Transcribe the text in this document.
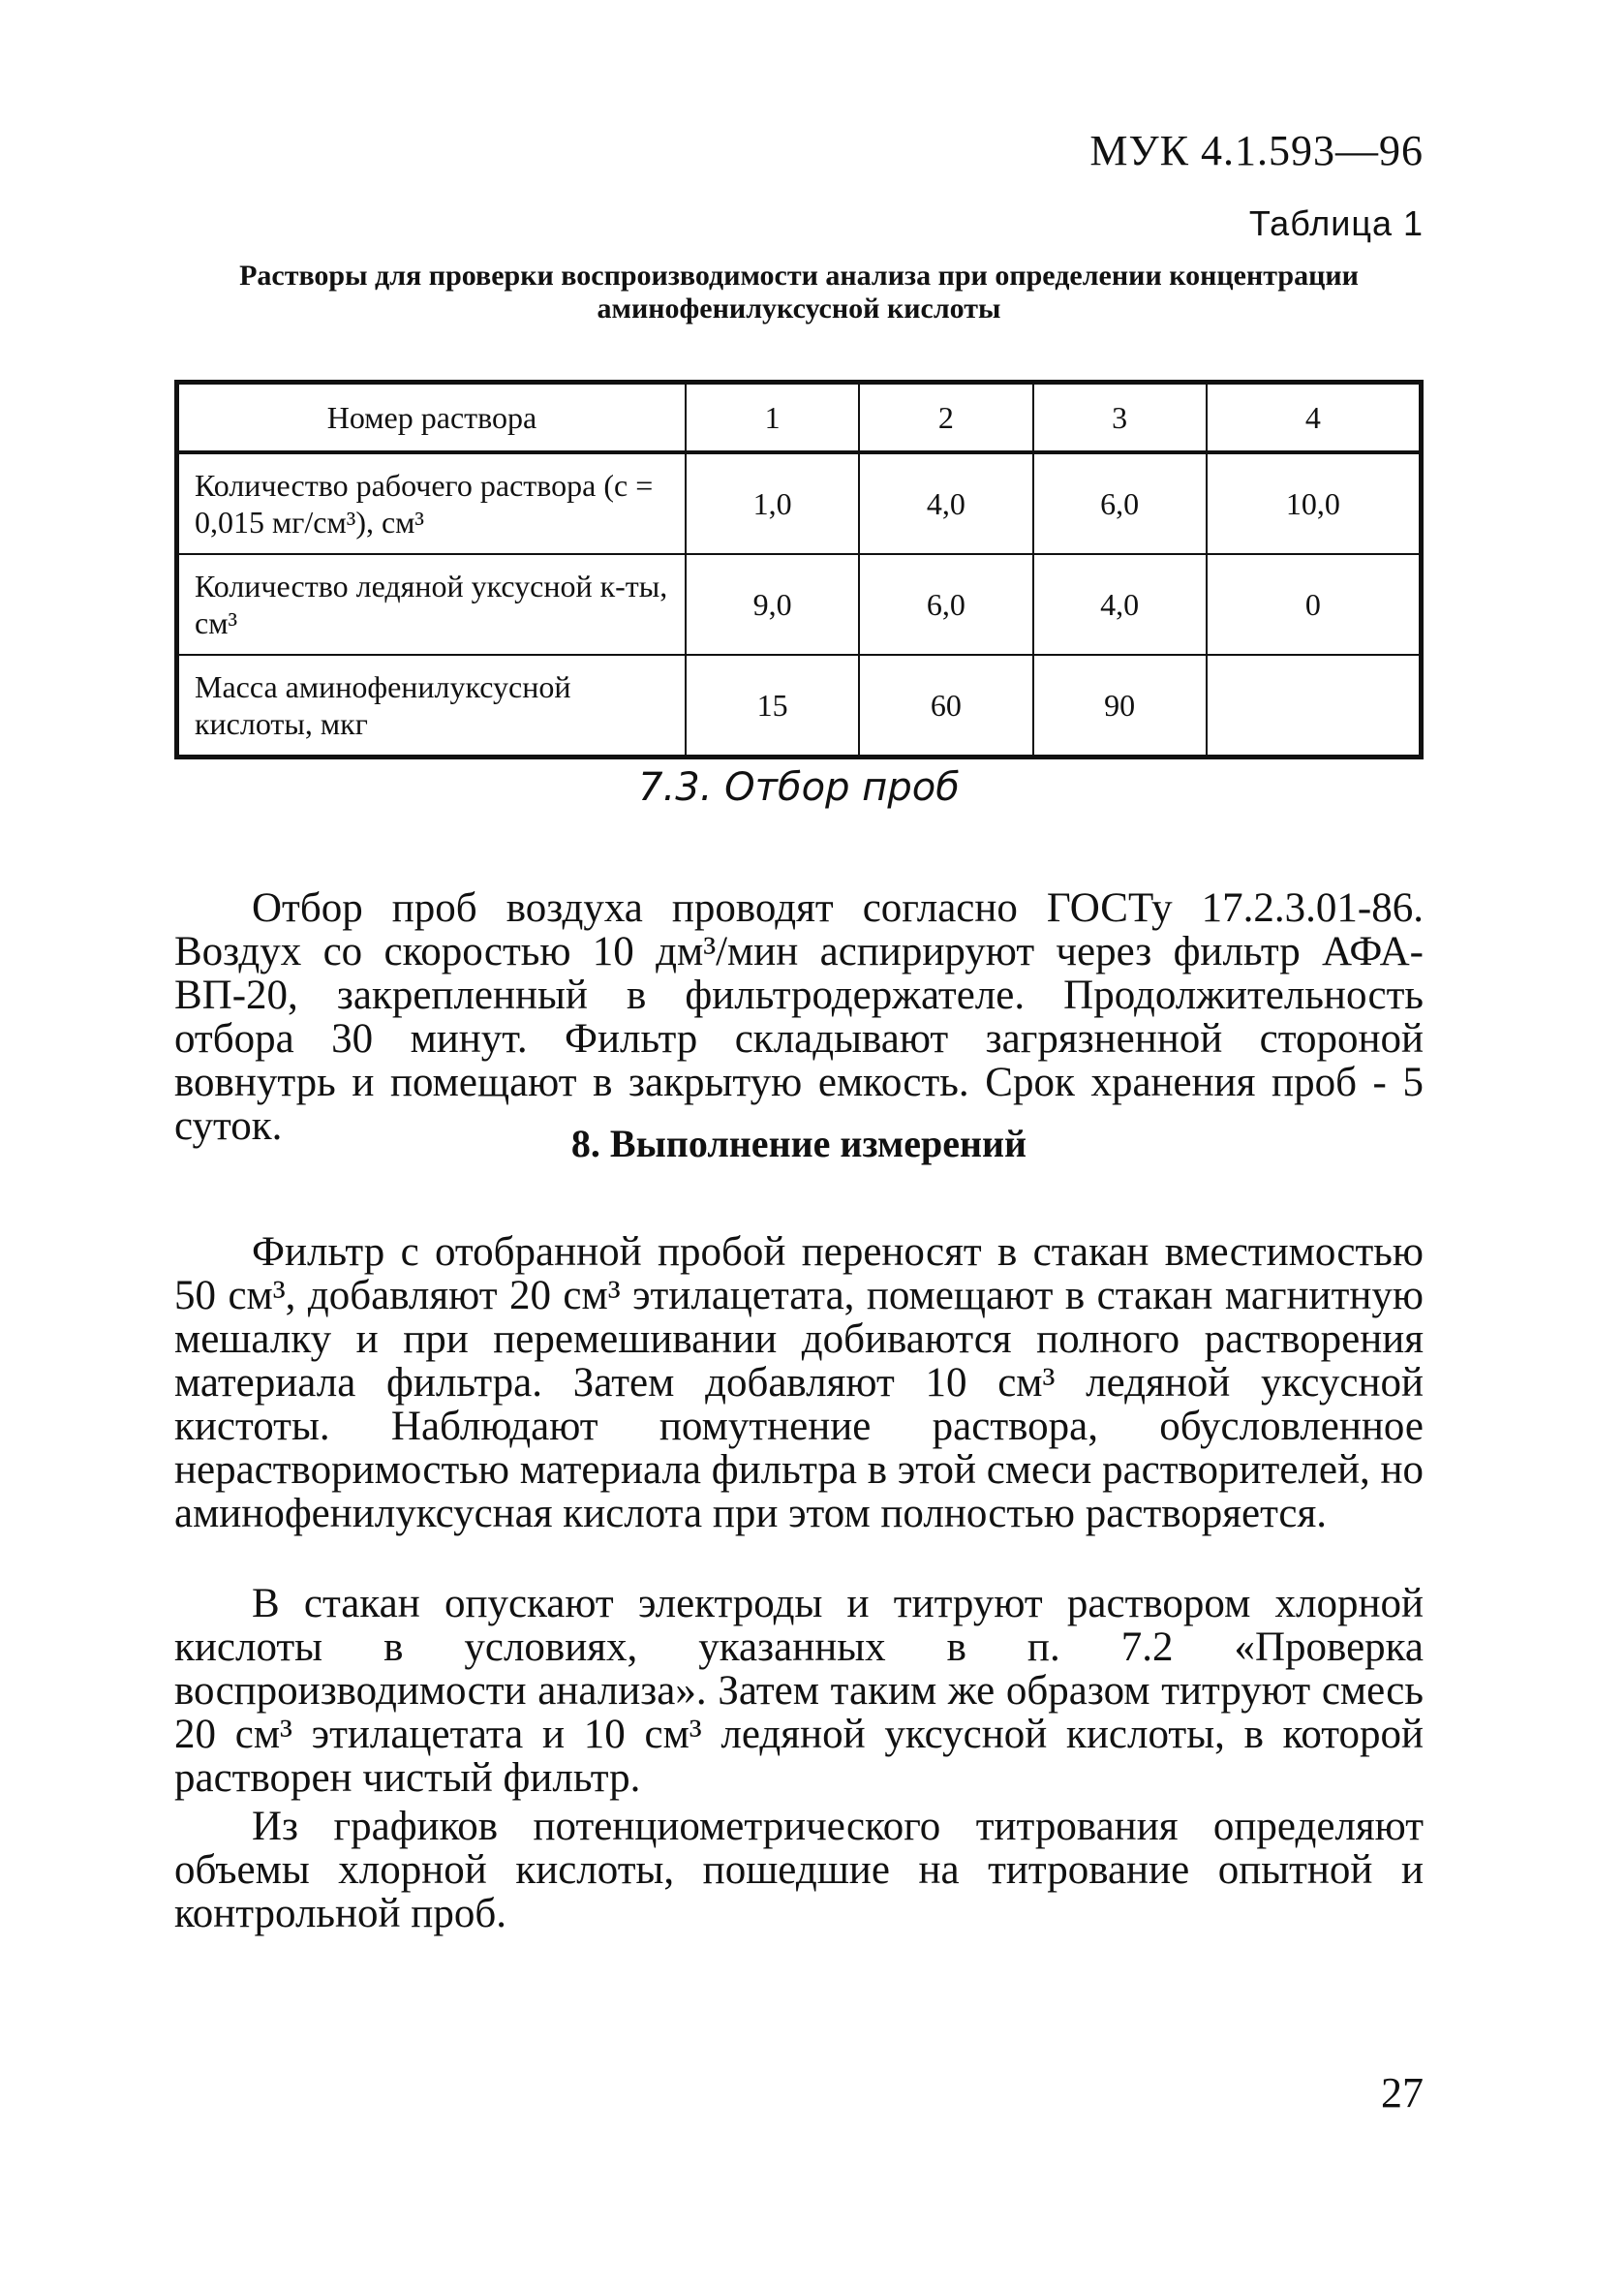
МУК 4.1.593—96
Таблица 1
Растворы для проверки воспроизводимости анализа при определении концентрации аминофенилуксусной кислоты
Номер раствора	1	2	3	4
Количество рабочего раствора (с = 0,015 мг/см³), см³	1,0	4,0	6,0	10,0
Количество ледяной уксусной к-ты, см³	9,0	6,0	4,0	0
Масса аминофенилуксусной кислоты, мкг	15	60	90	
7.3. Отбор проб

Отбор проб воздуха проводят согласно ГОСТу 17.2.3.01-86. Воздух со скоростью 10 дм³/мин аспирируют через фильтр АФА-ВП-20, закрепленный в фильтродержателе. Продолжительность отбора 30 минут. Фильтр складывают загрязненной стороной вовнутрь и помещают в закрытую емкость. Срок хранения проб - 5 суток.	8. Выполнение измерений

Фильтр с отобранной пробой переносят в стакан вместимостью 50 см³, добавляют 20 см³ этилацетата, помещают в стакан магнитную мешалку и при перемешивании добиваются полного растворения материала фильтра. Затем добавляют 10 см³ ледяной уксусной кистоты. Наблюдают помутнение раствора, обусловленное нерастворимостью материала фильтра в этой смеси растворителей, но аминофенилуксусная кислота при этом полностью растворяется.

В стакан опускают электроды и титруют раствором хлорной кислоты в условиях, указанных в п. 7.2 «Проверка воспроизводимости анализа». Затем таким же образом титруют смесь 20 см³ этилацетата и 10 см³ ледяной уксусной кислоты, в которой растворен чистый фильтр.

Из графиков потенциометрического титрования определяют объемы хлорной кислоты, пошедшие на титрование опытной и контрольной проб.

27
